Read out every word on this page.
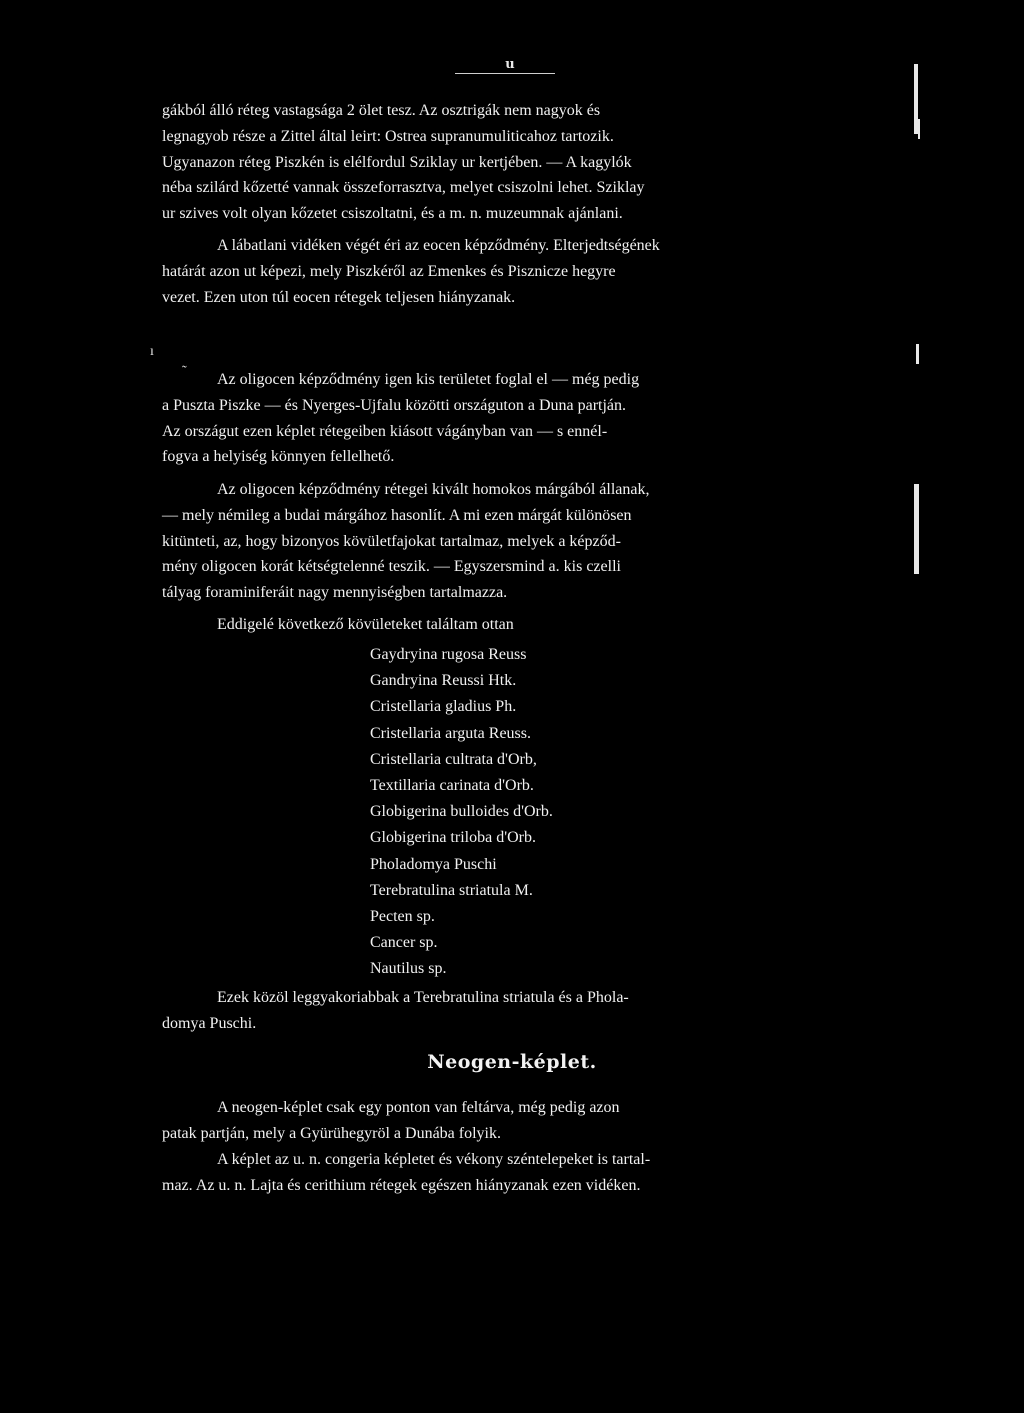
ս
gákból álló réteg vastagsága 2 ölet tesz. Az osztrigák nem nagyok és
legnagyob része a Zittel által leirt: Ostrea supranumuliticahoz tartozik.
Ugyanazon réteg Piszkén is elélfordul Sziklay ur kertjében. — A kagylók
néba szilárd kőzetté vannak összeforrasztva, melyet csiszolni lehet. Sziklay
ur szives volt olyan kőzetet csiszoltatni, és a m. n. muzeumnak ajánlani.
A lábatlani vidéken végét éri az eocen képződmény. Elterjedtségének
határát azon ut képezi, mely Piszkéről az Emenkes és Pisznicze hegyre
vezet. Ezen uton túl eocen rétegek teljesen hiányzanak.
Az oligocen képződmény igen kis területet foglal el — még pedig
a Puszta Piszke — és Nyerges-Ujfalu közötti országuton a Duna partján.
Az országut ezen képlet rétegeiben kiásott vágányban van — s ennél-
fogva a helyiség könnyen fellelhető.
Az oligocen képződmény rétegei kivált homokos márgából állanak,
— mely némileg a budai márgához hasonlít. A mi ezen márgát különösen
kitünteti, az, hogy bizonyos kövületfajokat tartalmaz, melyek a képződ-
mény oligocen korát kétségtelenné teszik. — Egyszersmind a. kis czelli
tályag foraminiferáit nagy mennyiségben tartalmazza.
Eddigelé következő kövületeket találtam ottan
Gaydryina rugosa Reuss
Gandryina Reussi Htk.
Cristellaria gladius Ph.
Cristellaria arguta Reuss.
Cristellaria cultrata d'Orb,
Textillaria carinata d'Orb.
Globigerina bulloides d'Orb.
Globigerina triloba d'Orb.
Pholadomya Puschi
Terebratulina striatula M.
Pecten sp.
Cancer sp.
Nautilus sp.
Ezek közöl leggyakoriabbak a Terebratulina striatula és a Phola-
domya Puschi.
Neogen-képlet.
A neogen-képlet csak egy ponton van feltárva, még pedig azon
patak partján, mely a Gyürühegyröl a Dunába folyik.
A képlet az u. n. congeria képletet és vékony széntelepeket is tartal-
maz. Az u. n. Lajta és cerithium rétegek egészen hiányzanak ezen vidéken.
ı
˜
